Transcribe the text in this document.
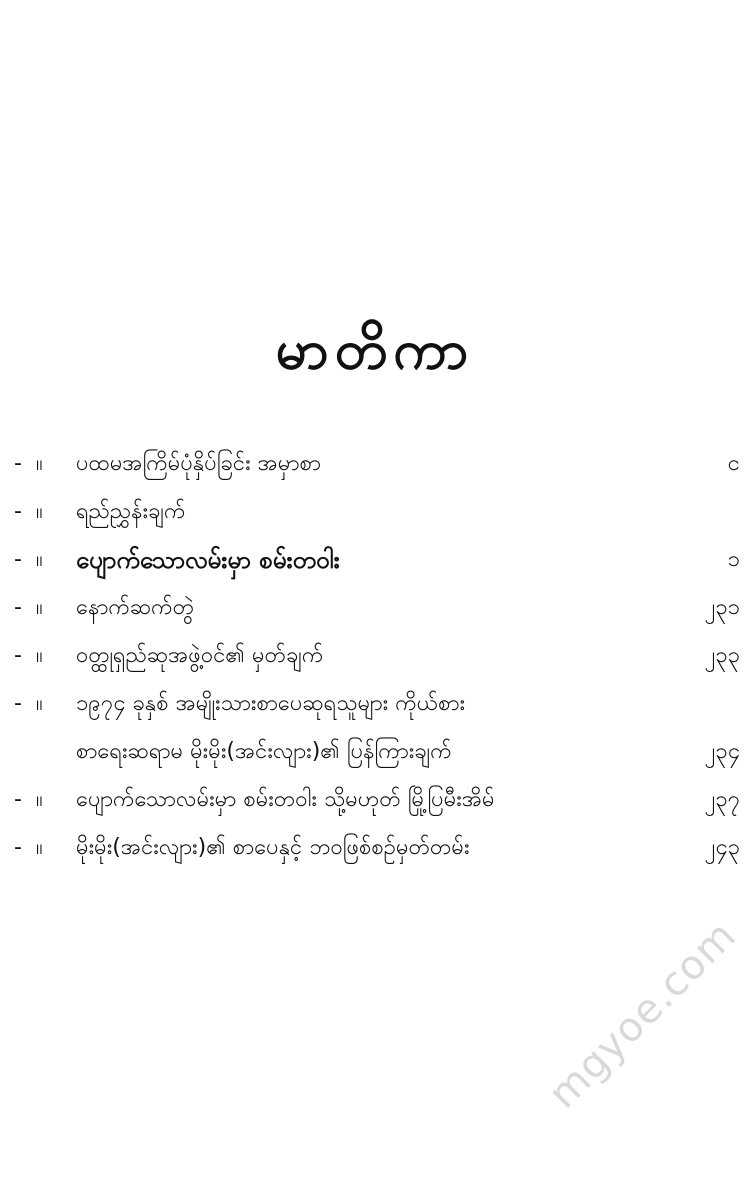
မာတိကာ
- ။	ပထမအကြိမ်ပုံနှိပ်ခြင်း အမှာစာ	င
- ။	ရည်ညွှန်းချက်
- ။	ပျောက်သောလမ်းမှာ စမ်းတဝါး	၁
- ။	နောက်ဆက်တွဲ	၂၃၁
- ။	ဝတ္ထုရှည်ဆုအဖွဲ့ဝင်၏ မှတ်ချက်	၂၃၃
- ။	၁၉၇၄ ခုနှစ် အမျိုးသားစာပေဆုရသူများ ကိုယ်စား
စာရေးဆရာမ မိုးမိုး(အင်းလျား)၏ ပြန်ကြားချက်	၂၃၄
- ။	ပျောက်သောလမ်းမှာ စမ်းတဝါး သို့မဟုတ် မြို့ပြမီးအိမ်	၂၃၇
- ။	မိုးမိုး(အင်းလျား)၏ စာပေနှင့် ဘဝဖြစ်စဉ်မှတ်တမ်း	၂၄၃
mgyoe.com
